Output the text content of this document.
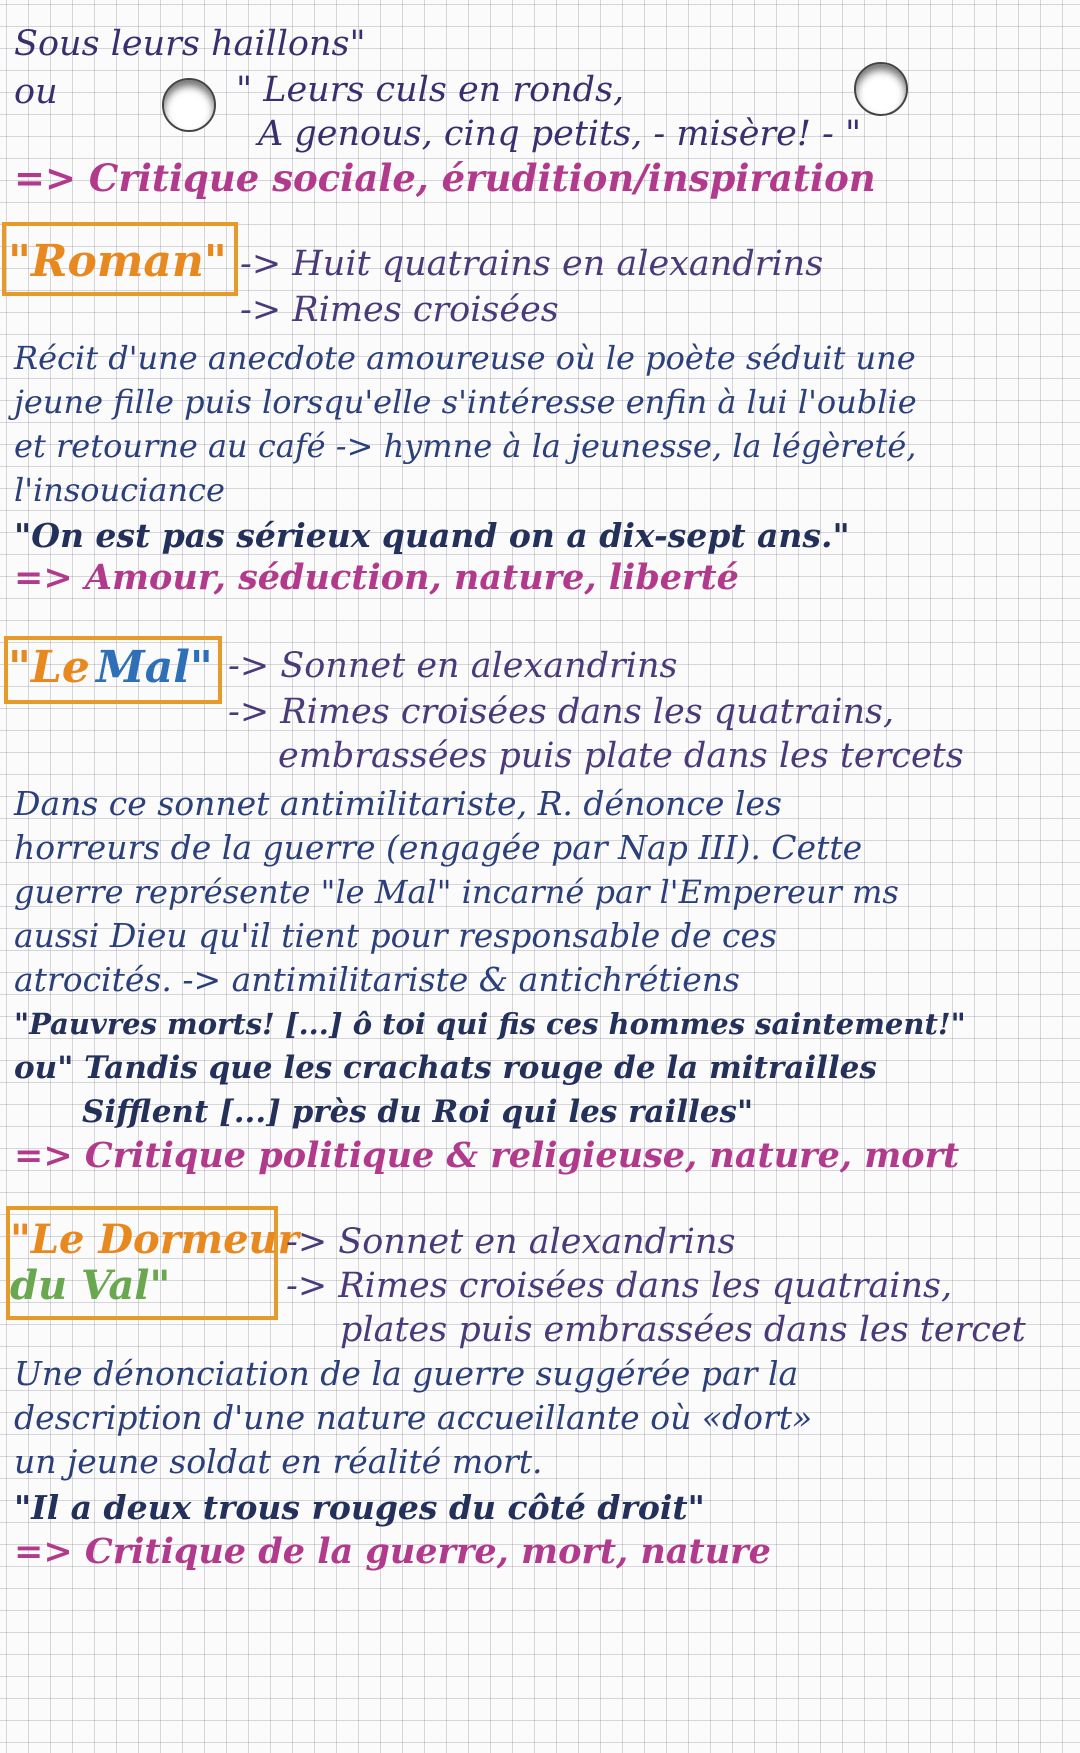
Sous leurs haillons"
ou	" Leurs culs en ronds,
A genous, cinq petits, - misère! - "
=> Critique sociale, érudition/inspiration
"Roman" -> Huit quatrains en alexandrins
-> Rimes croisées
Récit d'une anecdote amoureuse où le poète séduit une
jeune fille puis lorsqu'elle s'intéresse enfin à lui l'oublie
et retourne au café -> hymne à la jeunesse, la légèreté,
l'insouciance
"On est pas sérieux quand on a dix-sept ans."
=> Amour, séduction, nature, liberté
"Le Mal" -> Sonnet en alexandrins
-> Rimes croisées dans les quatrains,
embrassées puis plate dans les tercets
Dans ce sonnet antimilitariste, R. dénonce les
horreurs de la guerre (engagée par Nap III). Cette
guerre représente "le Mal" incarné par l'Empereur ms
aussi Dieu qu'il tient pour responsable de ces
atrocités. -> antimilitariste & antichrétiens
"Pauvres morts! [...] ô toi qui fis ces hommes saintement!"
ou" Tandis que les crachats rouge de la mitrailles
Sifflent [...] près du Roi qui les railles"
=> Critique politique & religieuse, nature, mort
"Le Dormeur
du Val"
-> Sonnet en alexandrins
-> Rimes croisées dans les quatrains,
plates puis embrassées dans les tercet
Une dénonciation de la guerre suggérée par la
description d'une nature accueillante où «dort»
un jeune soldat en réalité mort.
"Il a deux trous rouges du côté droit"
=> Critique de la guerre, mort, nature
